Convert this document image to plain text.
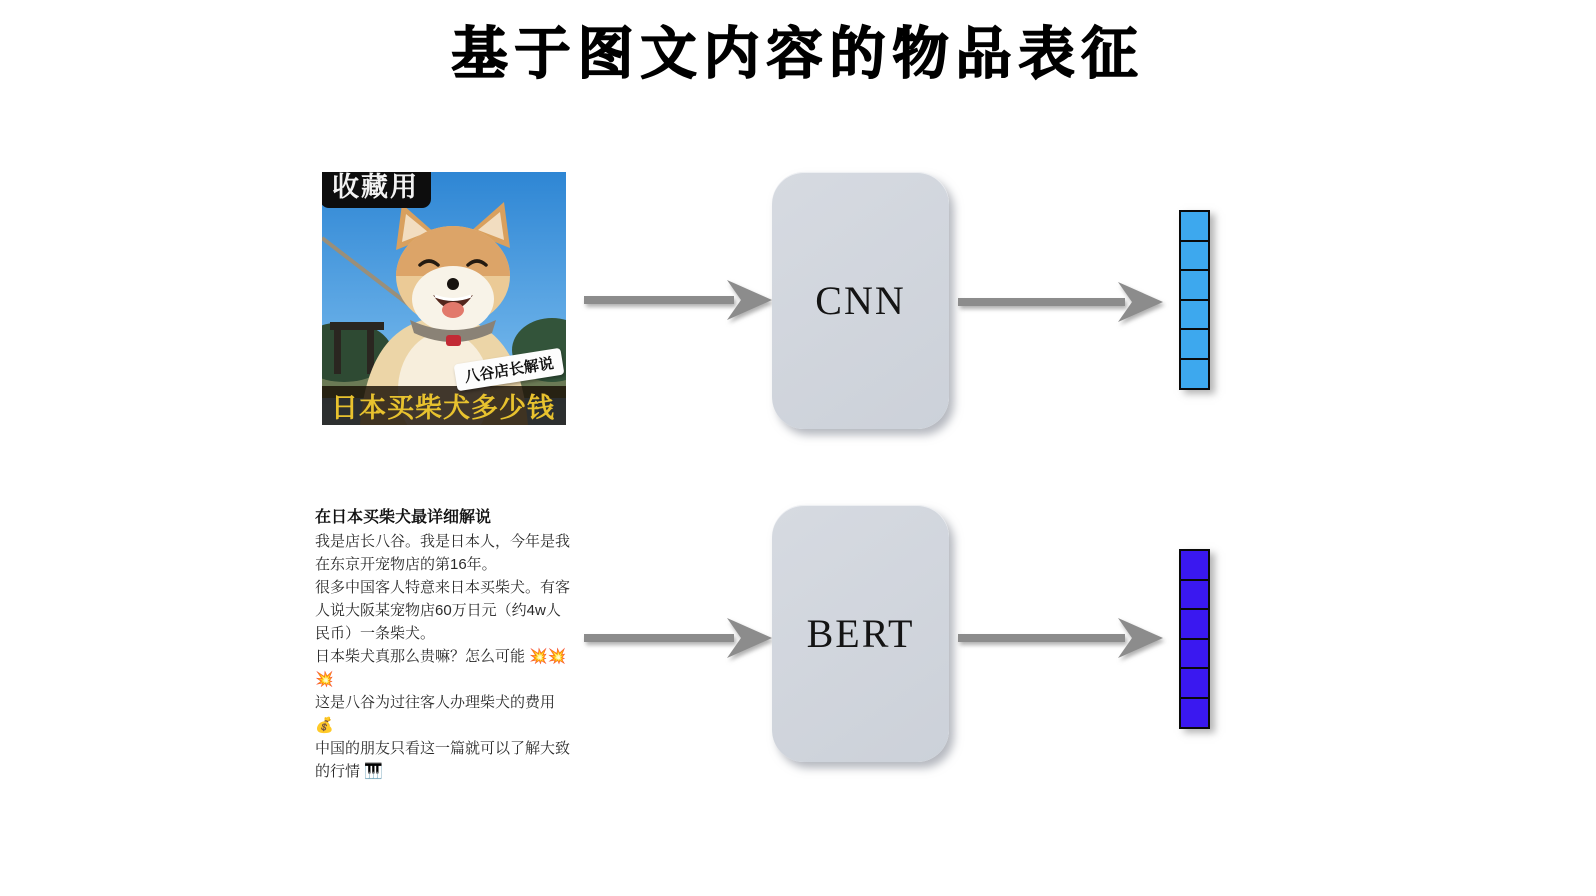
基于图文内容的物品表征
收藏用
八谷店长解说
日本买柴犬多少钱

在日本买柴犬最详细解说

我是店长八谷。我是日本人，今年是我在东京开宠物店的第16年。

很多中国客人特意来日本买柴犬。有客人说大阪某宠物店60万日元（约4w人民币）一条柴犬。

日本柴犬真那么贵嘛？怎么可能 💥💥💥

这是八谷为过往客人办理柴犬的费用 💰

中国的朋友只看这一篇就可以了解大致的行情 🎹

CNN
BERT
